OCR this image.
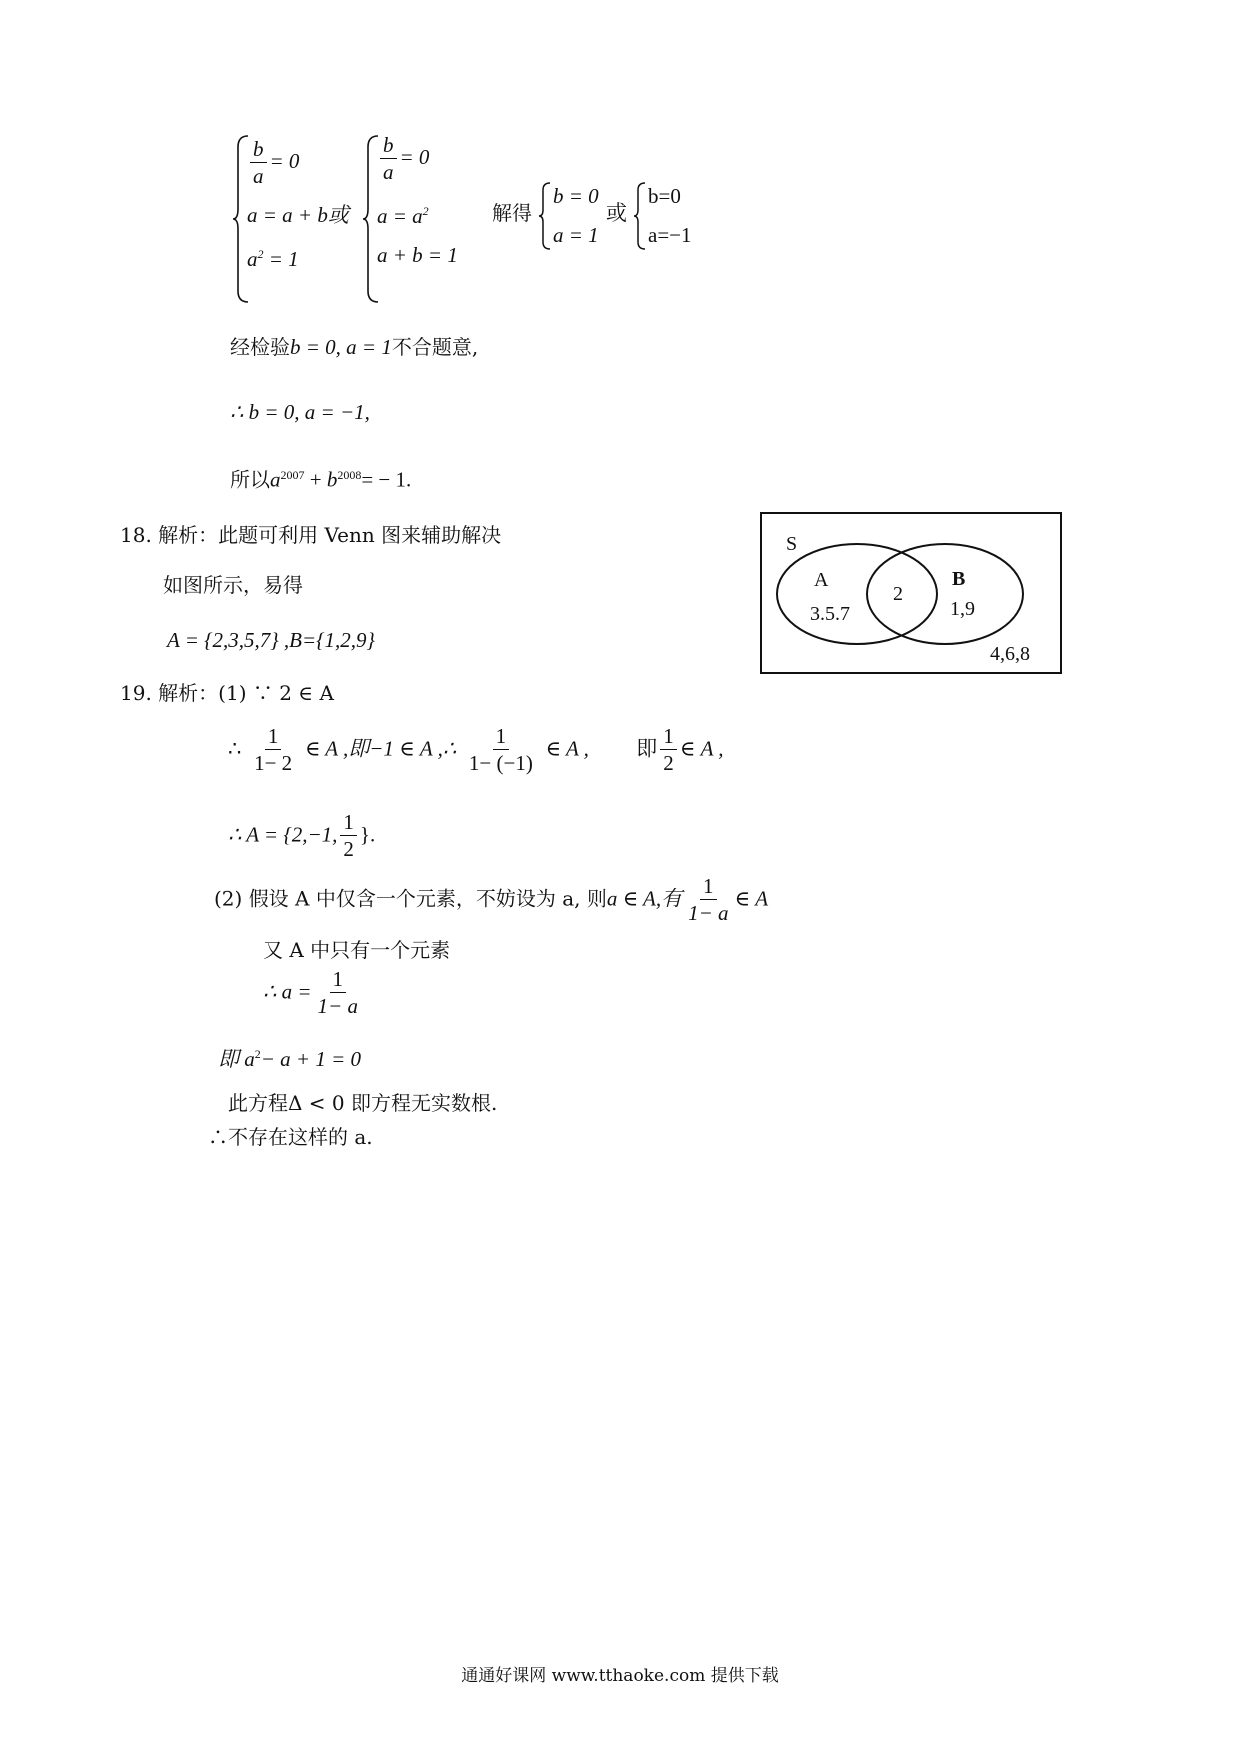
$\frac{b}{a} = 0$
a = a + b或
$a^2 = 1$
$\frac{b}{a} = 0$
$a = a^2$
a + b = 1
解得
b = 0
a = 1
或
b=0
a=−1
经检验b = 0, a = 1不合题意,
∴ b = 0, a = −1,
所以$a^{2007} + b^{2008}= - 1$.
18. 解析：此题可利用 Venn 图来辅助解决
如图所示，易得
A = {2,3,5,7} ,B={1,2,9}
S
A
3.5.7
2
B
1,9
4,6,8
19. 解析：(1) ∵ 2 ∈ A
∴ $\frac{1}{1- 2}$ ∈ A ,即−1 ∈ A ,∴ $\frac{1}{1- (-1)}$ ∈ A , 即 $\frac{1}{2}$ ∈ A ,
∴ A = {2,−1, $\frac{1}{2}$ }.
(2) 假设 A 中仅含一个元素，不妨设为 a, 则a ∈ A,有 $\frac{1}{1- a}$ ∈ A
又 A 中只有一个元素
∴ $a = \frac{1}{1- a}$
即 $a^2- a + 1 = 0$
此方程Δ < 0 即方程无实数根.
∴不存在这样的 a.
通通好课网 www.tthaoke.com 提供下载
